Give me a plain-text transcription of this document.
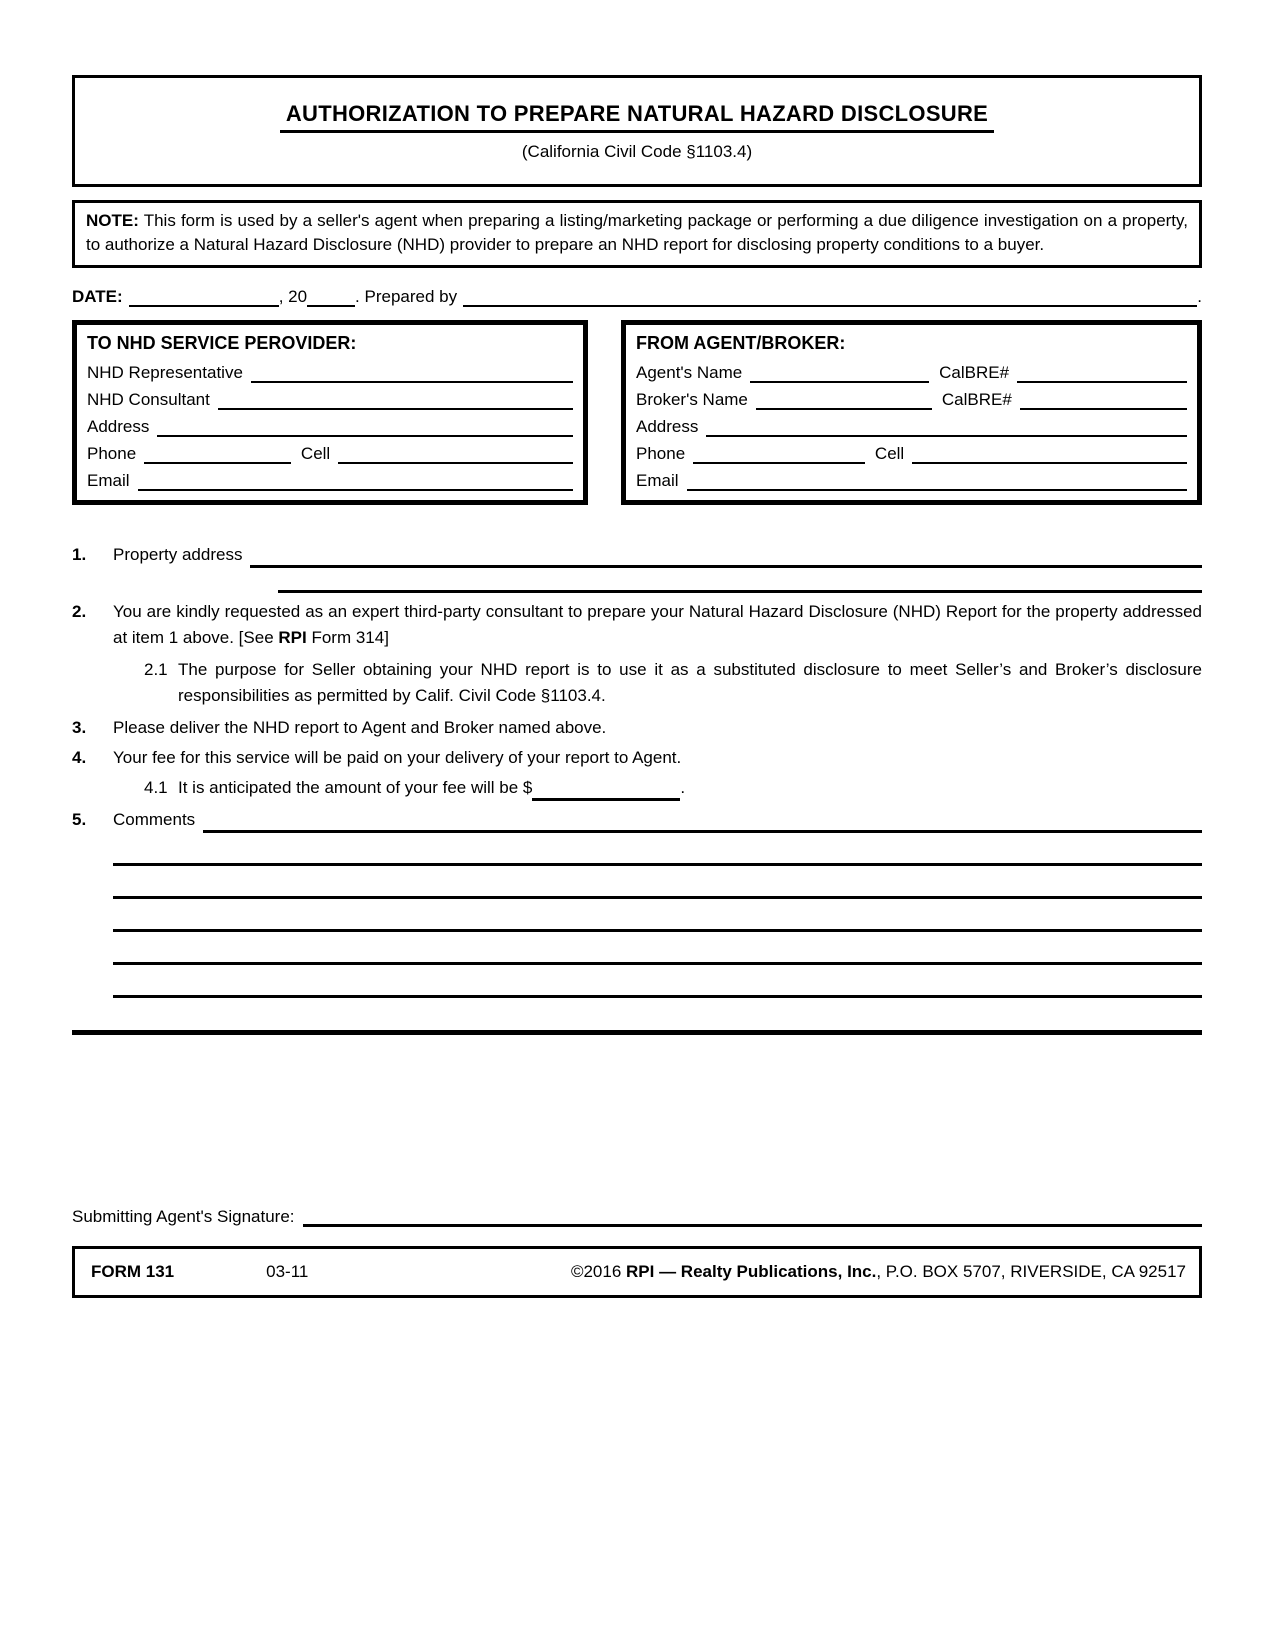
AUTHORIZATION TO PREPARE NATURAL HAZARD DISCLOSURE
(California Civil Code §1103.4)
NOTE: This form is used by a seller's agent when preparing a listing/marketing package or performing a due diligence investigation on a property, to authorize a Natural Hazard Disclosure (NHD) provider to prepare an NHD report for disclosing property conditions to a buyer.
DATE:	, 20	. Prepared by	.
TO NHD SERVICE PEROVIDER:
NHD Representative
NHD Consultant
Address
Phone	Cell
Email
FROM AGENT/BROKER:
Agent's Name	CalBRE#
Broker's Name	CalBRE#
Address
Phone	Cell
Email
1.	Property address
2.	You are kindly requested as an expert third-party consultant to prepare your Natural Hazard Disclosure (NHD) Report for the property addressed at item 1 above. [See RPI Form 314]
2.1 The purpose for Seller obtaining your NHD report is to use it as a substituted disclosure to meet Seller’s and Broker’s disclosure responsibilities as permitted by Calif. Civil Code §1103.4.
3.	Please deliver the NHD report to Agent and Broker named above.
4.	Your fee for this service will be paid on your delivery of your report to Agent.
4.1 It is anticipated the amount of your fee will be $	.
5.	Comments
Submitting Agent's Signature:
FORM 131	03-11	©2016 RPI — Realty Publications, Inc., P.O. BOX 5707, RIVERSIDE, CA 92517
